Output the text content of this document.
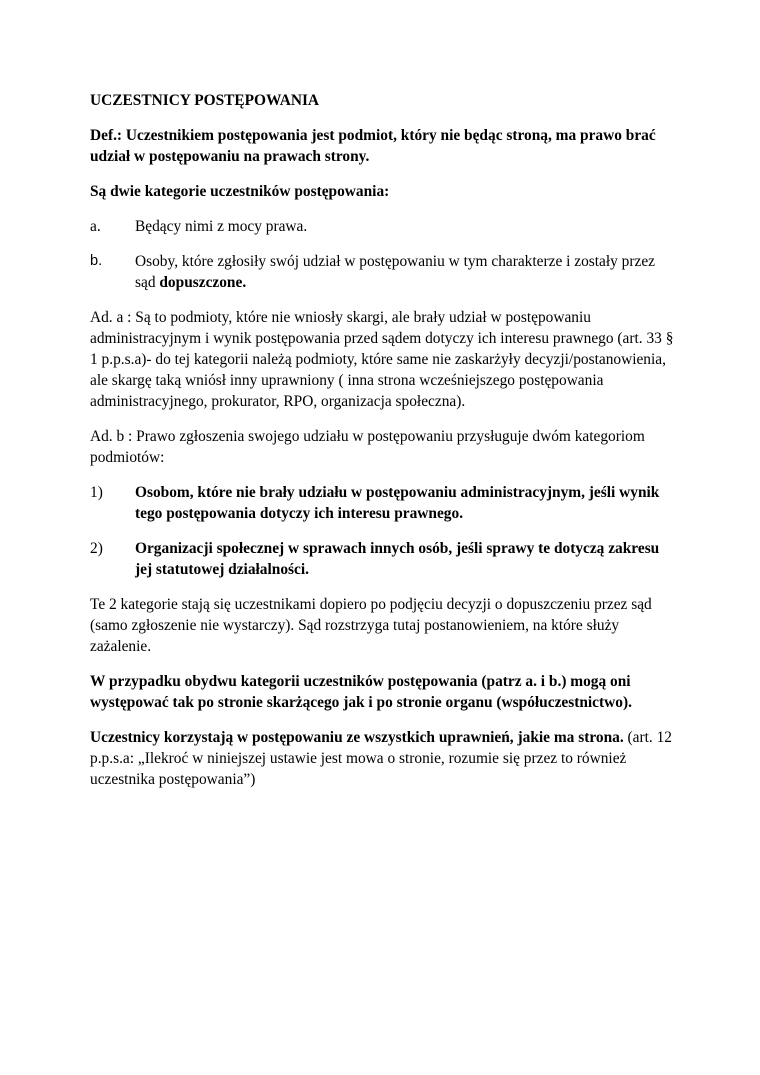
UCZESTNICY POSTĘPOWANIA

Def.: Uczestnikiem postępowania jest podmiot, który nie będąc stroną, ma prawo brać udział w postępowaniu na prawach strony.

Są dwie kategorie uczestników postępowania:

a.	Będący nimi z mocy prawa.

b.	Osoby, które zgłosiły swój udział w postępowaniu w tym charakterze i zostały przez sąd dopuszczone.

Ad. a : Są to podmioty, które nie wniosły skargi, ale brały udział w postępowaniu administracyjnym i wynik postępowania przed sądem dotyczy ich interesu prawnego (art. 33 § 1 p.p.s.a)- do tej kategorii należą podmioty, które same nie zaskarżyły decyzji/postanowienia, ale skargę taką wniósł inny uprawniony ( inna strona wcześniejszego postępowania administracyjnego, prokurator, RPO, organizacja społeczna).

Ad. b : Prawo zgłoszenia swojego udziału w postępowaniu przysługuje dwóm kategoriom podmiotów:

1)	Osobom, które nie brały udziału w postępowaniu administracyjnym, jeśli wynik tego postępowania dotyczy ich interesu prawnego.

2)	Organizacji społecznej w sprawach innych osób, jeśli sprawy te dotyczą zakresu jej statutowej działalności.

Te 2 kategorie stają się uczestnikami dopiero po podjęciu decyzji o dopuszczeniu przez sąd (samo zgłoszenie nie wystarczy). Sąd rozstrzyga tutaj postanowieniem, na które służy zażalenie.

W przypadku obydwu kategorii uczestników postępowania (patrz a. i b.) mogą oni występować tak po stronie skarżącego jak i po stronie organu (współuczestnictwo).

Uczestnicy korzystają w postępowaniu ze wszystkich uprawnień, jakie ma strona. (art. 12 p.p.s.a: „Ilekroć w niniejszej ustawie jest mowa o stronie, rozumie się przez to również uczestnika postępowania”)
